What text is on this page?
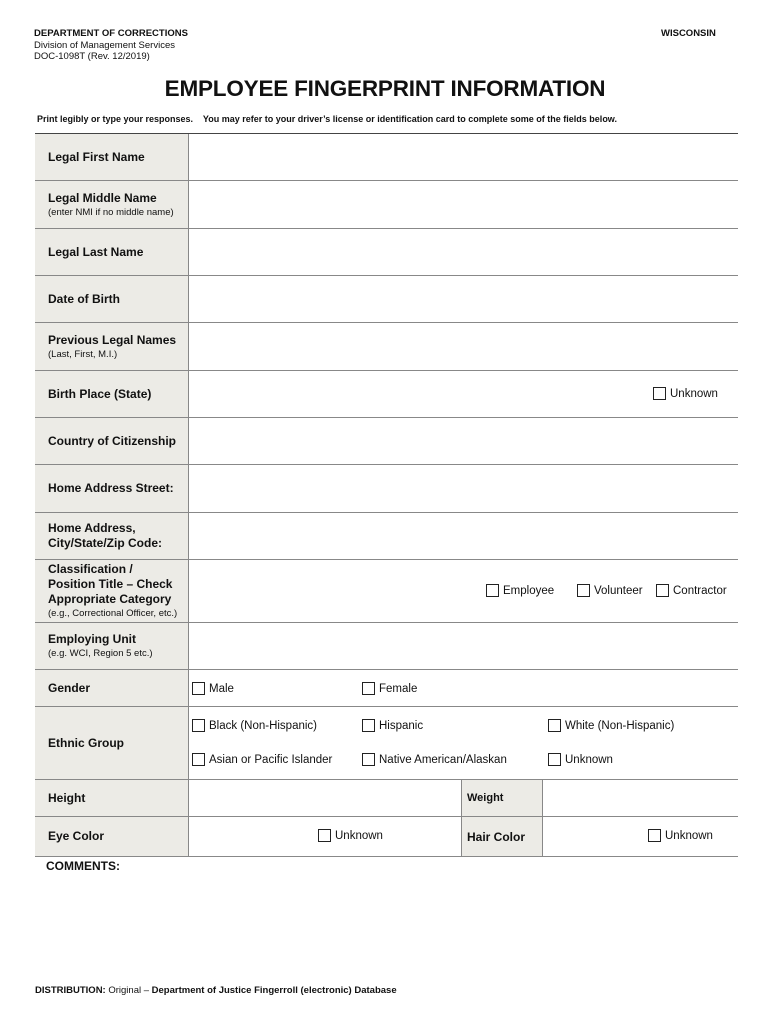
DEPARTMENT OF CORRECTIONS
Division of Management Services
DOC-1098T (Rev. 12/2019)
WISCONSIN
EMPLOYEE FINGERPRINT INFORMATION
Print legibly or type your responses.    You may refer to your driver’s license or identification card to complete some of the fields below.
Legal First Name
Legal Middle Name
(enter NMI if no middle name)
Legal Last Name
Date of Birth
Previous Legal Names
(Last, First, M.I.)
Birth Place (State)	Unknown
Country of Citizenship
Home Address Street:
Home Address,
City/State/Zip Code:
Classification /
Position Title – Check
Appropriate Category
(e.g., Correctional Officer, etc.)
Employee	Volunteer	Contractor
Employing Unit
(e.g. WCI, Region 5 etc.)
Gender	Male	Female
Ethnic Group
Black (Non-Hispanic)	Hispanic	White (Non-Hispanic)
Asian or Pacific Islander	Native American/Alaskan	Unknown
Height	Weight
Eye Color	Unknown	Hair Color	Unknown
COMMENTS:
DISTRIBUTION: Original – Department of Justice Fingerroll (electronic) Database
